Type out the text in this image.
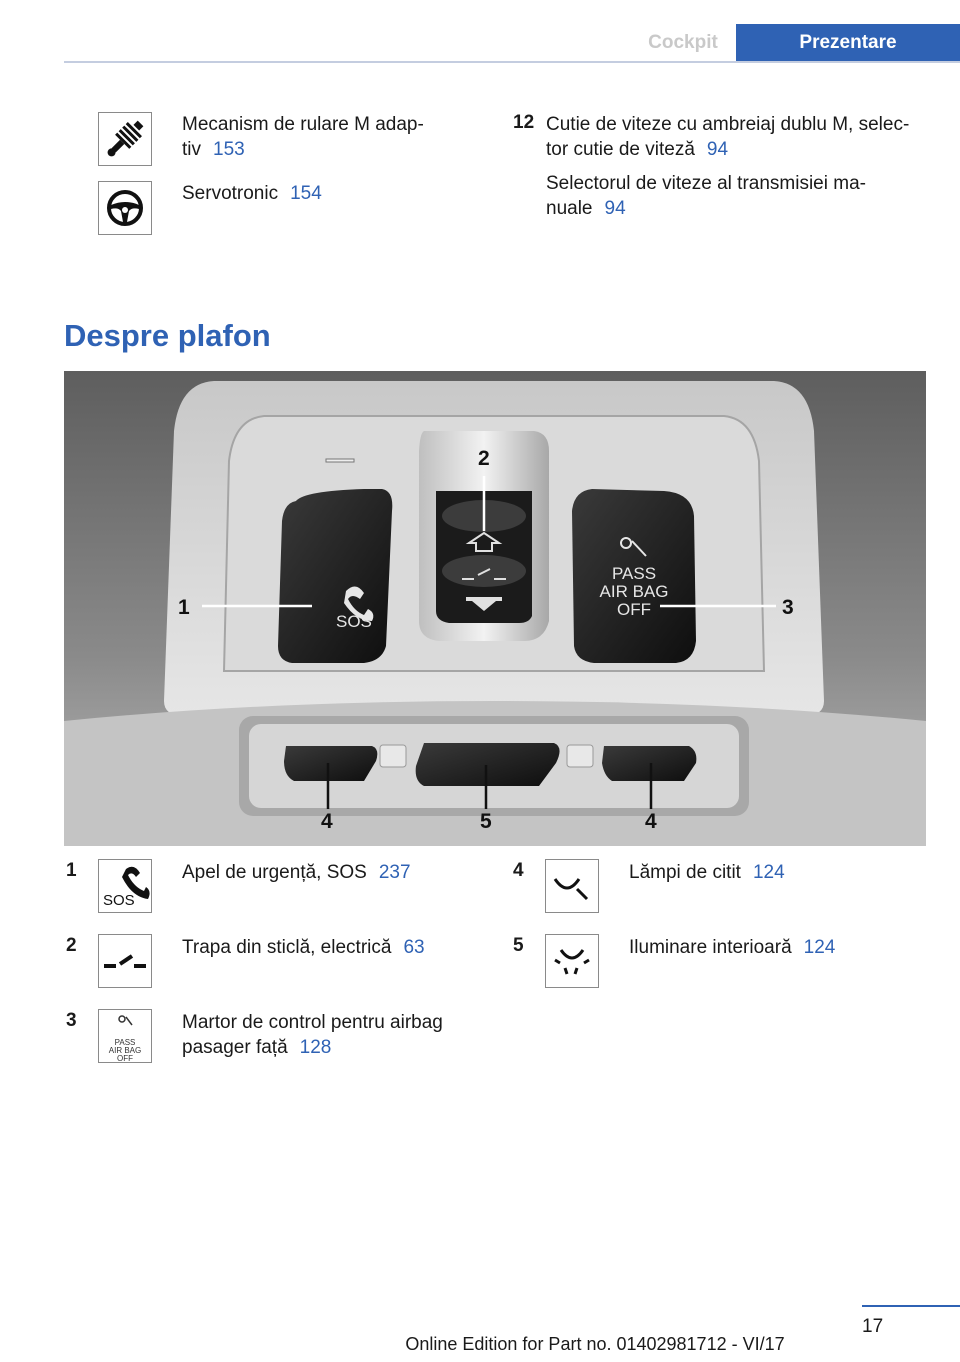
Cockpit	Prezentare
Mecanism de rulare M adap‐
tiv 153
Servotronic 154
12 Cutie de viteze cu ambreiaj dublu M, selec‐
tor cutie de viteză 94
Selectorul de viteze al transmisiei ma‐
nuale 94
Despre plafon
SOS
PASS
AIR BAG
OFF
1
2
3
4	5	4
1
SOS
Apel de urgență, SOS 237
2	Trapa din sticlă, electrică 63
3
PASS
AIR BAG
OFF
Martor de control pentru airbag
pasager față 128
4	Lămpi de citit 124
5	Iluminare interioară 124
17
Online Edition for Part no. 01402981712 - VI/17
